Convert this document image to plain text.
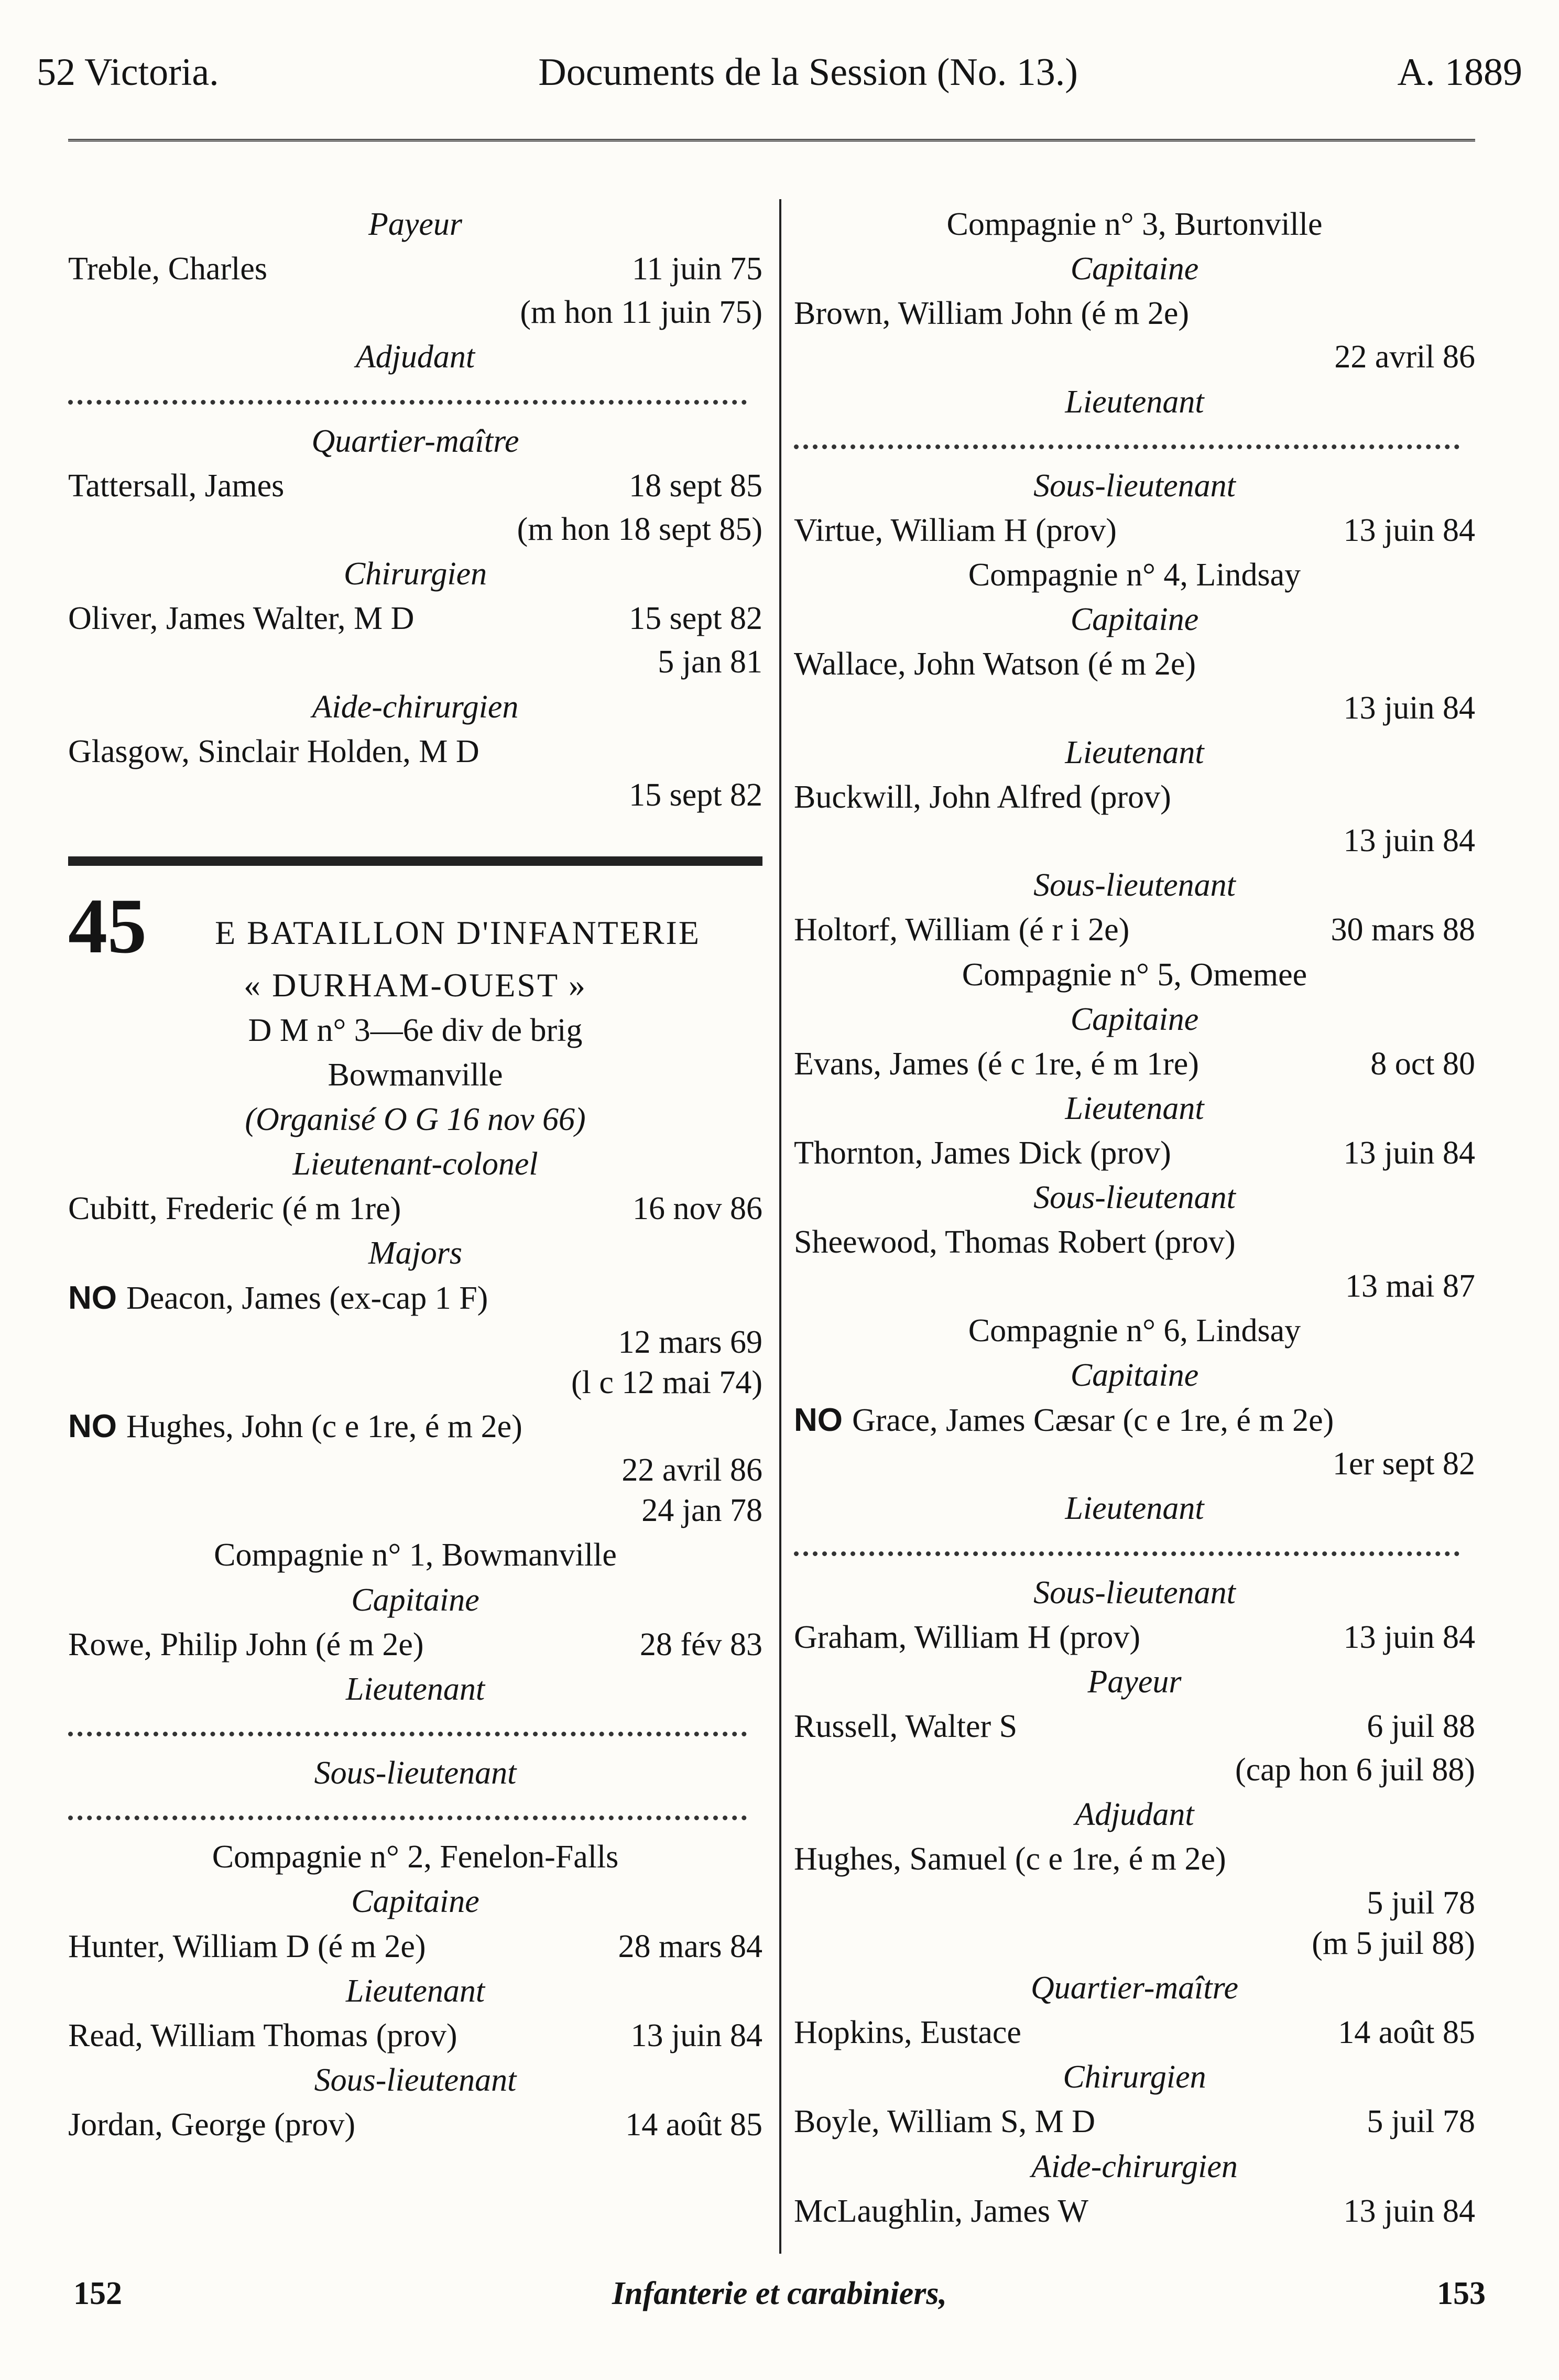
52 Victoria.	Documents de la Session (No. 13.)	A. 1889
Payeur
Treble, Charles	11 juin 75
(m hon 11 juin 75)
Adjudant
Quartier-maître
Tattersall, James	18 sept 85
(m hon 18 sept 85)
Chirurgien
Oliver, James Walter, M D	15 sept 82
5 jan 81
Aide-chirurgien
Glasgow, Sinclair Holden, M D
15 sept 82
45	E BATAILLON D'INFANTERIE
« DURHAM-OUEST »
D M n° 3—6e div de brig
Bowmanville
(Organisé O G 16 nov 66)
Lieutenant-colonel
Cubitt, Frederic (é m 1re)	16 nov 86
Majors
NO Deacon, James (ex-cap 1 F)
12 mars 69
(l c 12 mai 74)
NO Hughes, John (c e 1re, é m 2e)
22 avril 86
24 jan 78
Compagnie n° 1, Bowmanville
Capitaine
Rowe, Philip John (é m 2e)	28 fév 83
Lieutenant
Sous-lieutenant
Compagnie n° 2, Fenelon-Falls
Capitaine
Hunter, William D (é m 2e)	28 mars 84
Lieutenant
Read, William Thomas (prov)	13 juin 84
Sous-lieutenant
Jordan, George (prov)	14 août 85
Compagnie n° 3, Burtonville
Capitaine
Brown, William John (é m 2e)
22 avril 86
Lieutenant
Sous-lieutenant
Virtue, William H (prov)	13 juin 84
Compagnie n° 4, Lindsay
Capitaine
Wallace, John Watson (é m 2e)
13 juin 84
Lieutenant
Buckwill, John Alfred (prov)
13 juin 84
Sous-lieutenant
Holtorf, William (é r i 2e)	30 mars 88
Compagnie n° 5, Omemee
Capitaine
Evans, James (é c 1re, é m 1re)	8 oct 80
Lieutenant
Thornton, James Dick (prov)	13 juin 84
Sous-lieutenant
Sheewood, Thomas Robert (prov)
13 mai 87
Compagnie n° 6, Lindsay
Capitaine
NO Grace, James Cæsar (c e 1re, é m 2e)
1er sept 82
Lieutenant
Sous-lieutenant
Graham, William H (prov)	13 juin 84
Payeur
Russell, Walter S	6 juil 88
(cap hon 6 juil 88)
Adjudant
Hughes, Samuel (c e 1re, é m 2e)
5 juil 78
(m 5 juil 88)
Quartier-maître
Hopkins, Eustace	14 août 85
Chirurgien
Boyle, William S, M D	5 juil 78
Aide-chirurgien
McLaughlin, James W	13 juin 84
152	Infanterie et carabiniers,	153
